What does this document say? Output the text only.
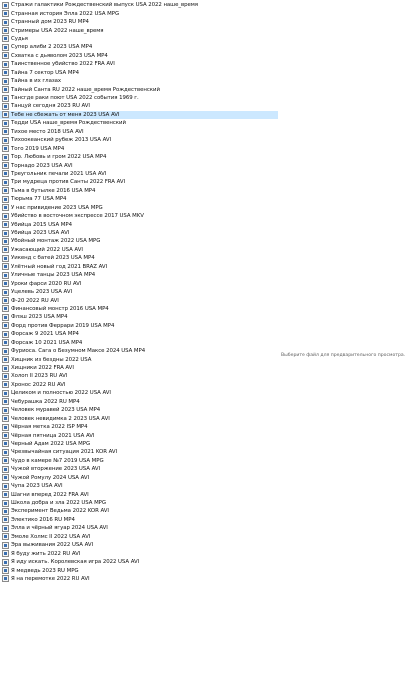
Стражи галактики Рождественский выпуск USA 2022 наше_время
Странная история Элла 2022 USA MPG
Странный дом 2023 RU MP4
Стримеры USA 2022 наше_время
Судья
Супер алиби 2 2023 USA MP4
Схватка с дьяволом 2023 USA MP4
Таинственное убийство 2022 FRA AVI
Тайна 7 сектор USA MP4
Тайна в их глазах
Тайный Санта RU 2022 наше_время Рождественский
Тансгде раки поют USA 2022 события 1969 г.
Танцуй сегодня 2023 RU AVI
Тебе не сбежать от меня 2023 USA AVI
Тедди USA наше_время Рождественский
Тихое место 2018 USA AVI
Тихоокеанский рубеж 2013 USA AVI
Того 2019 USA MP4
Тор. Любовь и гром 2022 USA MP4
Торнадо 2023 USA AVI
Треугольник печали 2021 USA AVI
Три мудреца против Санты 2022 FRA AVI
Тьма в бутылке 2016 USA MP4
Тюрьма 77 USA MP4
У нас привидение 2023 USA MPG
Убийство в восточном экспрессе 2017 USA MKV
Убийца 2015 USA MP4
Убийца 2023 USA AVI
Убойный монтаж 2022 USA MPG
Ужасающий 2022 USA AVI
Уикенд с батей 2023 USA MP4
Улётный новый год 2021 BRAZ AVI
Уличные танцы 2023 USA MP4
Уроки фарси 2020 RU AVI
Уцелевь 2023 USA AVI
Ф-20 2022 RU AVI
Финансовый монстр 2016 USA MP4
Флэш 2023 USA MP4
Форд против Феррари 2019 USA MP4
Форсаж 9 2021 USA MP4
Форсаж 10 2021 USA MP4
Фуриоса. Сага о Безумном Максе 2024 USA MP4
Хищник из бездны 2022 USA
Хищники 2022 FRA AVI
Холоп II 2023 RU AVI
Хронос 2022 RU AVI
Целиком и полностью 2022 USA AVI
Чебурашка 2022 RU MP4
Человек муравей 2023 USA MP4
Человек невидимка 2 2023 USA AVI
Чёрная метка 2022 ISP MP4
Чёрная пятница 2021 USA AVI
Черный Адам 2022 USA MPG
Чрезвычайная ситуация 2021 KOR AVI
Чудо в камере №7 2019 USA MPG
Чужой вторжение 2023 USA AVI
Чужой Ромулу 2024 USA AVI
Чупа 2023 USA AVI
Шагни вперед 2022 FRA AVI
Школа добра и зла 2022 USA MPG
Эксперимент Ведьма 2022 KOR AVI
Электико 2016 RU MP4
Элла и чёрный ягуар 2024 USA AVI
Эмоле Холмс II 2022 USA AVI
Эра выживания 2022 USA AVI
Я буду жить 2022 RU AVI
Я иду искать. Королевская игра 2022 USA AVI
Я медведь 2023 RU MPG
Я на перемотке 2022 RU AVI
Выберите файл для предварительного просмотра.
